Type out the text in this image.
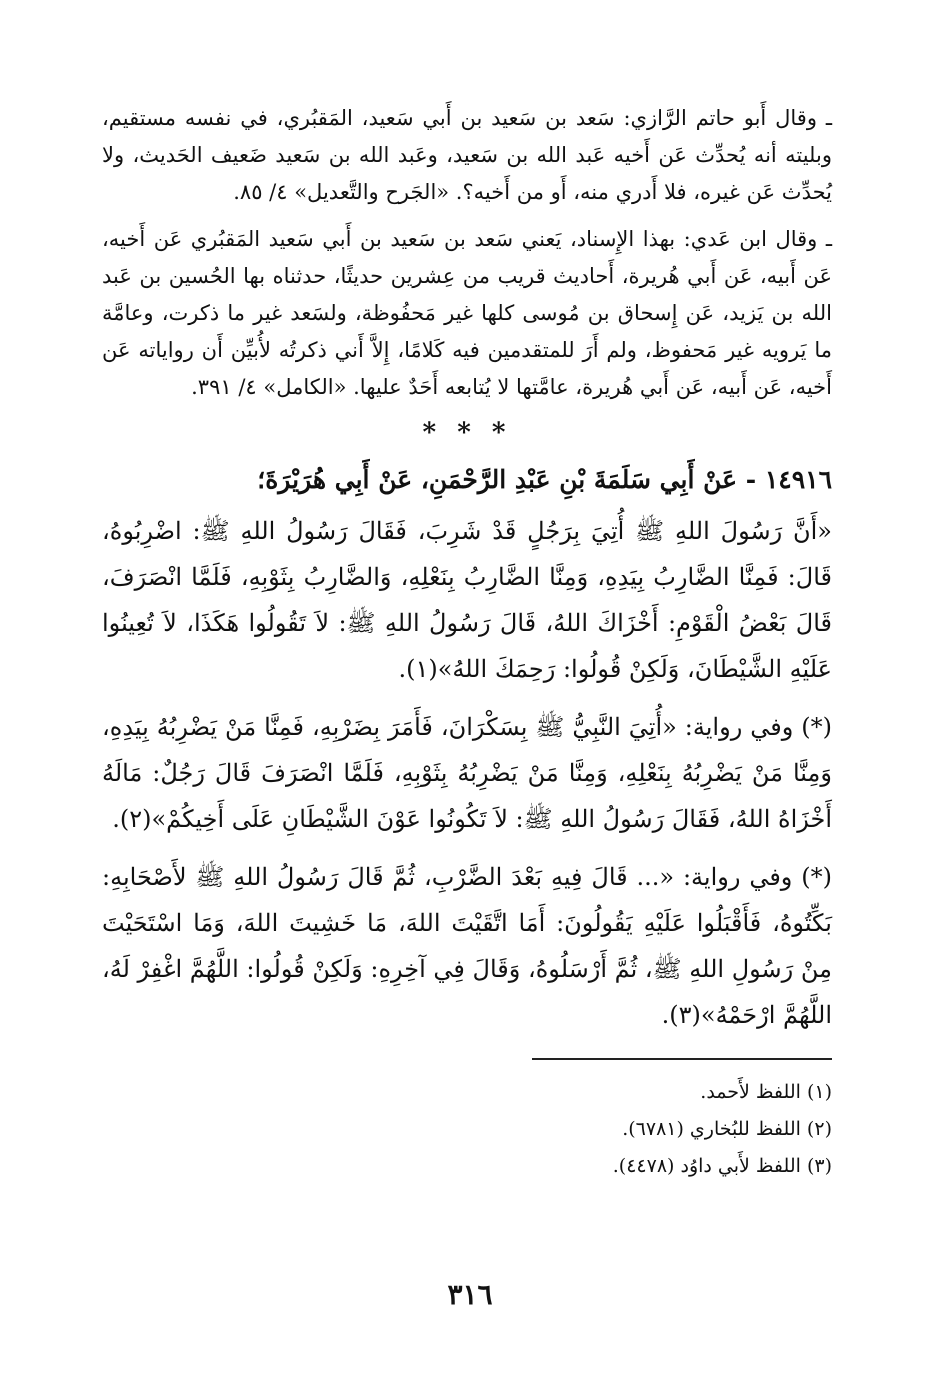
ـ وقال أَبو حاتم الرَّازي: سَعد بن سَعيد بن أَبي سَعيد، المَقبُري، في نفسه مستقيم، وبليته أنه يُحدِّث عَن أَخيه عَبد الله بن سَعيد، وعَبد الله بن سَعيد ضَعيف الحَديث، ولا يُحدِّث عَن غيره، فلا أَدري منه، أَو من أَخيه؟. «الجَرح والتَّعديل» ٤/ ٨٥.

ـ وقال ابن عَدي: بهذا الإِسناد، يَعني سَعد بن سَعيد بن أَبي سَعيد المَقبُري عَن أَخيه، عَن أَبيه، عَن أَبي هُريرة، أَحاديث قريب من عِشرين حديثًا، حدثناه بها الحُسين بن عَبد الله بن يَزيد، عَن إِسحاق بن مُوسى كلها غير مَحفُوظة، ولسَعد غير ما ذكرت، وعامَّة ما يَرويه غير مَحفوظ، ولم أَرَ للمتقدمين فيه كَلامًا، إِلاَّ أَني ذكرتُه لأُبيِّن أَن رواياته عَن أَخيه، عَن أَبيه، عَن أَبي هُريرة، عامَّتها لا يُتابعه أَحَدٌ عليها. «الكامل» ٤/ ٣٩١.

* * *

١٤٩١٦ - عَنْ أَبِي سَلَمَةَ بْنِ عَبْدِ الرَّحْمَنِ، عَنْ أَبِي هُرَيْرَةَ؛

«أَنَّ رَسُولَ اللهِ ﷺ أُتِيَ بِرَجُلٍ قَدْ شَرِبَ، فَقَالَ رَسُولُ اللهِ ﷺ: اضْرِبُوهُ، قَالَ: فَمِنَّا الضَّارِبُ بِيَدِهِ، وَمِنَّا الضَّارِبُ بِنَعْلِهِ، وَالضَّارِبُ بِثَوْبِهِ، فَلَمَّا انْصَرَفَ، قَالَ بَعْضُ الْقَوْمِ: أَخْزَاكَ اللهُ، قَالَ رَسُولُ اللهِ ﷺ: لاَ تَقُولُوا هَكَذَا، لاَ تُعِينُوا عَلَيْهِ الشَّيْطَانَ، وَلَكِنْ قُولُوا: رَحِمَكَ اللهُ»(١).

(*) وفي رواية: «أُتِيَ النَّبِيُّ ﷺ بِسَكْرَانَ، فَأَمَرَ بِضَرْبِهِ، فَمِنَّا مَنْ يَضْرِبُهُ بِيَدِهِ، وَمِنَّا مَنْ يَضْرِبُهُ بِنَعْلِهِ، وَمِنَّا مَنْ يَضْرِبُهُ بِثَوْبِهِ، فَلَمَّا انْصَرَفَ قَالَ رَجُلٌ: مَالَهُ أَخْزَاهُ اللهُ، فَقَالَ رَسُولُ اللهِ ﷺ: لاَ تَكُونُوا عَوْنَ الشَّيْطَانِ عَلَى أَخِيكُمْ»(٢).

(*) وفي رواية: «... قَالَ فِيهِ بَعْدَ الضَّرْبِ، ثُمَّ قَالَ رَسُولُ اللهِ ﷺ لأَصْحَابِهِ: بَكِّتُوهُ، فَأَقْبَلُوا عَلَيْهِ يَقُولُونَ: أَمَا اتَّقَيْتَ اللهَ، مَا خَشِيتَ اللهَ، وَمَا اسْتَحَيْتَ مِنْ رَسُولِ اللهِ ﷺ، ثُمَّ أَرْسَلُوهُ، وَقَالَ فِي آخِرِهِ: وَلَكِنْ قُولُوا: اللَّهُمَّ اغْفِرْ لَهُ، اللَّهُمَّ ارْحَمْهُ»(٣).

(١) اللفظ لأَحمد.

(٢) اللفظ للبُخاري (٦٧٨١).

(٣) اللفظ لأَبي داوُد (٤٤٧٨).

٣١٦
